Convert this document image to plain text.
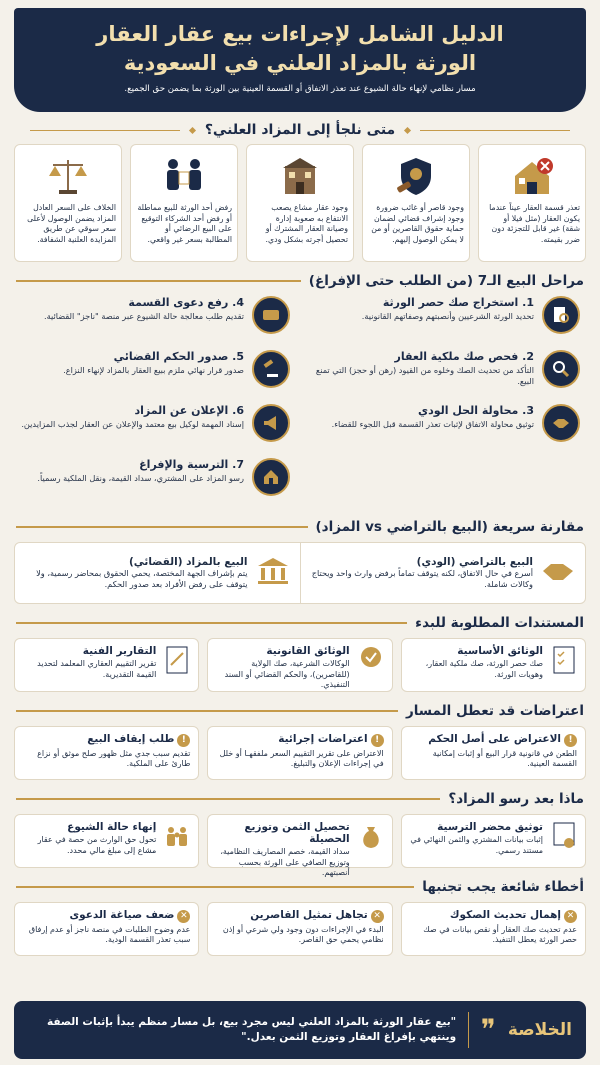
الدليل الشامل لإجراءات بيع عقار العقار
الورثة بالمزاد العلني في السعودية

مسار نظامي لإنهاء حالة الشيوع عند تعذر الاتفاق أو القسمة العينية بين الورثة بما يضمن حق الجميع.

متى نلجأ إلى المزاد العلني؟
تعذر قسمة العقار عيناً عندما يكون العقار (مثل فيلا أو شقة) غير قابل للتجزئة دون ضرر بقيمته.
وجود قاصر أو غائب ضرورة وجود إشراف قضائي لضمان حماية حقوق القاصرين أو من لا يمكن الوصول إليهم.
وجود عقار مشاع يصعب الانتفاع به صعوبة إدارة وصيانة العقار المشترك أو تحصيل أجرته بشكل ودي.
رفض أحد الورثة للبيع مماطلة أو رفض أحد الشركاء التوقيع على البيع الرضائي أو المطالبة بسعر غير واقعي.
الخلاف على السعر العادل المزاد يضمن الوصول لأعلى سعر سوقي عن طريق المزايدة العلنية الشفافة.
مراحل البيع الـ7 (من الطلب حتى الإفراغ)
1. استخراج صك حصر الورثة
تحديد الورثة الشرعيين وأنصبتهم وصفاتهم القانونية.
4. رفع دعوى القسمة
تقديم طلب معالجة حالة الشيوع عبر منصة "ناجز" القضائية.
2. فحص صك ملكية العقار
التأكد من تحديث الصك وخلوه من القيود (رهن أو حجز) التي تمنع البيع.
5. صدور الحكم القضائي
صدور قرار نهائي ملزم ببيع العقار بالمزاد لإنهاء النزاع.
3. محاولة الحل الودي
توثيق محاولة الاتفاق لإثبات تعذر القسمة قبل اللجوء للقضاء.
6. الإعلان عن المزاد
إسناد المهمة لوكيل بيع معتمد والإعلان عن العقار لجذب المزايدين.
7. الترسية والإفراغ
رسو المزاد على المشتري، سداد القيمة، ونقل الملكية رسمياً.
مقارنة سريعة (البيع بالتراضي vs المزاد)
البيع بالتراضي (الودي)
أسرع في حال الاتفاق، لكنه يتوقف تماماً برفض وارث واحد ويحتاج وكالات شاملة.
البيع بالمزاد (القضائي)
يتم بإشراف الجهة المختصة، يحمي الحقوق بمحاضر رسمية، ولا يتوقف على رفض الأفراد بعد صدور الحكم.
المستندات المطلوبة للبدء
الوثائق الأساسية
صك حصر الورثة، صك ملكية العقار، وهويات الورثة.
الوثائق القانونية
الوكالات الشرعية، صك الولاية (للقاصرين)، والحكم القضائي أو السند التنفيذي.
التقارير الفنية
تقرير التقييم العقاري المعلمد لتحديد القيمة التقديرية.
اعتراضات قد تعطل المسار
!الاعتراض على أصل الحكم
الطعن في قانونية قرار البيع أو إثبات إمكانية القسمة العينية.
!اعتراضات إجرائية
الاعتراض على تقرير التقييم السعر ملفقهـا أو خلل في إجراءات الإعلان والتبليغ.
!طلب إيقاف البيع
تقديم سبب جدي مثل ظهور صلح موثق أو نزاع طارئ على الملكية.
ماذا بعد رسو المزاد؟
توثيق محضر الترسية
إثبات بيانات المشتري والثمن النهائي في مستند رسمي.
تحصيل الثمن وتوزيع الحصيلة
سداد القيمة، خصم المصاريف النظامية، وتوزيع الصافي على الورثة بحسب أنصبتهم.
إنهاء حالة الشيوع
تحول حق الوارث من حصة في عقار مشاع إلى مبلغ مالي محدد.
أخطاء شائعة يجب تجنبها
✕إهمال تحديث الصكوك
عدم تحديث صك العقار أو نقص بيانات في صك حصر الورثة يعطل التنفيذ.
✕تجاهل تمثيل القاصرين
البدء في الإجراءات دون وجود ولي شرعي أو إذن نظامي يحمي حق القاصر.
✕ضعف صياغة الدعوى
عدم وضوح الطلبات في منصة ناجز أو عدم إرفاق سبب تعذر القسمة الودية.
الخلاصة
❞
"بيع عقار الورثة بالمزاد العلني ليس مجرد بيع، بل مسار منظم يبدأ بإثبات الصفة وينتهي بإفراغ العقار وتوزيع الثمن بعدل."
